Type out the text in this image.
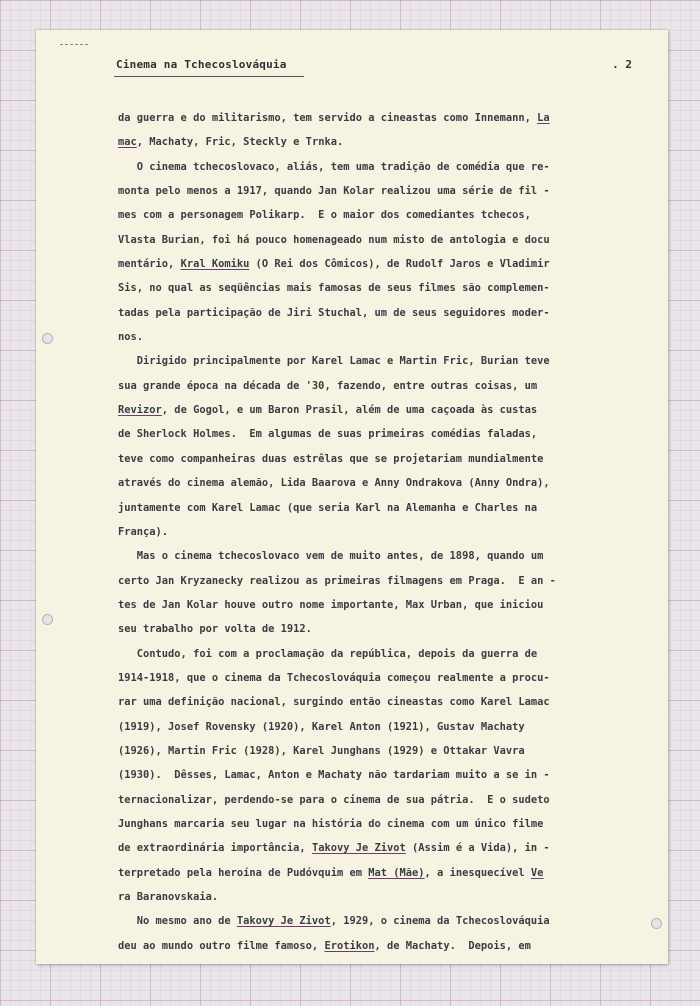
Cinema na Tchecoslováquia	. 2
da guerra e do militarismo, tem servido a cineastas como Innemann, La
mac, Machaty, Fric, Steckly e Trnka.
O cinema tchecoslovaco, aliás, tem uma tradição de comédia que re-
monta pelo menos a 1917, quando Jan Kolar realizou uma série de fil -
mes com a personagem Polikarp.  E o maior dos comediantes tchecos,
Vlasta Burian, foi há pouco homenageado num misto de antologia e docu
mentário, Kral Komiku (O Rei dos Cômicos), de Rudolf Jaros e Vladimir
Sis, no qual as seqüências mais famosas de seus filmes são complemen-
tadas pela participação de Jiri Stuchal, um de seus seguidores moder-
nos.
Dirigido principalmente por Karel Lamac e Martin Fric, Burian teve
sua grande época na década de '30, fazendo, entre outras coisas, um
Revizor, de Gogol, e um Baron Prasil, além de uma caçoada às custas
de Sherlock Holmes.  Em algumas de suas primeiras comédias faladas,
teve como companheiras duas estrêlas que se projetariam mundialmente
através do cinema alemão, Lida Baarova e Anny Ondrakova (Anny Ondra),
juntamente com Karel Lamac (que seria Karl na Alemanha e Charles na
França).
Mas o cinema tchecoslovaco vem de muito antes, de 1898, quando um
certo Jan Kryzanecky realizou as primeiras filmagens em Praga.  E an -
tes de Jan Kolar houve outro nome importante, Max Urban, que iniciou
seu trabalho por volta de 1912.
Contudo, foi com a proclamação da república, depois da guerra de
1914-1918, que o cinema da Tchecoslováquia começou realmente a procu-
rar uma definição nacional, surgindo então cineastas como Karel Lamac
(1919), Josef Rovensky (1920), Karel Anton (1921), Gustav Machaty
(1926), Martin Fric (1928), Karel Junghans (1929) e Ottakar Vavra
(1930).  Dêsses, Lamac, Anton e Machaty não tardariam muito a se in -
ternacionalizar, perdendo-se para o cinema de sua pátria.  E o sudeto
Junghans marcaria seu lugar na história do cinema com um único filme
de extraordinária importância, Takovy Je Zivot (Assim é a Vida), in -
terpretado pela heroína de Pudóvquim em Mat (Mãe), a inesquecível Ve
ra Baranovskaia.
No mesmo ano de Takovy Je Zivot, 1929, o cinema da Tchecoslováquia
deu ao mundo outro filme famoso, Erotikon, de Machaty.  Depois, em
